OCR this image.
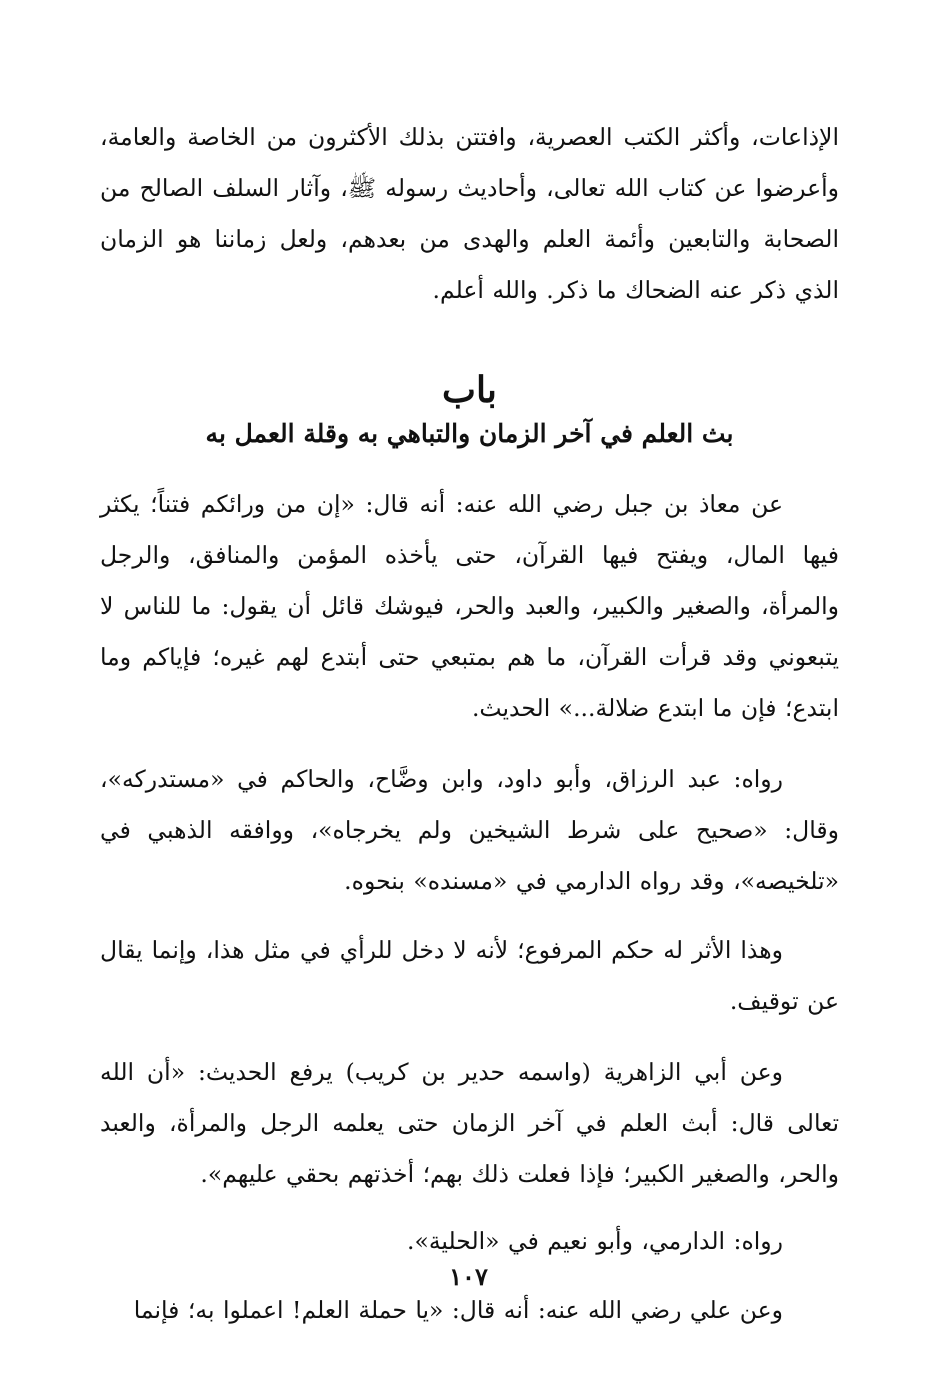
الإذاعات، وأكثر الكتب العصرية، وافتتن بذلك الأكثرون من الخاصة والعامة، وأعرضوا عن كتاب الله تعالى، وأحاديث رسوله ﷺ، وآثار السلف الصالح من الصحابة والتابعين وأئمة العلم والهدى من بعدهم، ولعل زماننا هو الزمان الذي ذكر عنه الضحاك ما ذكر. والله أعلم.

باب
بث العلم في آخر الزمان والتباهي به وقلة العمل به

عن معاذ بن جبل رضي الله عنه: أنه قال: «إن من ورائكم فتناً؛ يكثر فيها المال، ويفتح فيها القرآن، حتى يأخذه المؤمن والمنافق، والرجل والمرأة، والصغير والكبير، والعبد والحر، فيوشك قائل أن يقول: ما للناس لا يتبعوني وقد قرأت القرآن، ما هم بمتبعي حتى أبتدع لهم غيره؛ فإياكم وما ابتدع؛ فإن ما ابتدع ضلالة...» الحديث.

رواه: عبد الرزاق، وأبو داود، وابن وضَّاح، والحاكم في «مستدركه»، وقال: «صحيح على شرط الشيخين ولم يخرجاه»، ووافقه الذهبي في «تلخيصه»، وقد رواه الدارمي في «مسنده» بنحوه.

وهذا الأثر له حكم المرفوع؛ لأنه لا دخل للرأي في مثل هذا، وإنما يقال عن توقيف.

وعن أبي الزاهرية (واسمه حدير بن كريب) يرفع الحديث: «أن الله تعالى قال: أبث العلم في آخر الزمان حتى يعلمه الرجل والمرأة، والعبد والحر، والصغير الكبير؛ فإذا فعلت ذلك بهم؛ أخذتهم بحقي عليهم».

رواه: الدارمي، وأبو نعيم في «الحلية».

وعن علي رضي الله عنه: أنه قال: «يا حملة العلم! اعملوا به؛ فإنما

١٠٧
